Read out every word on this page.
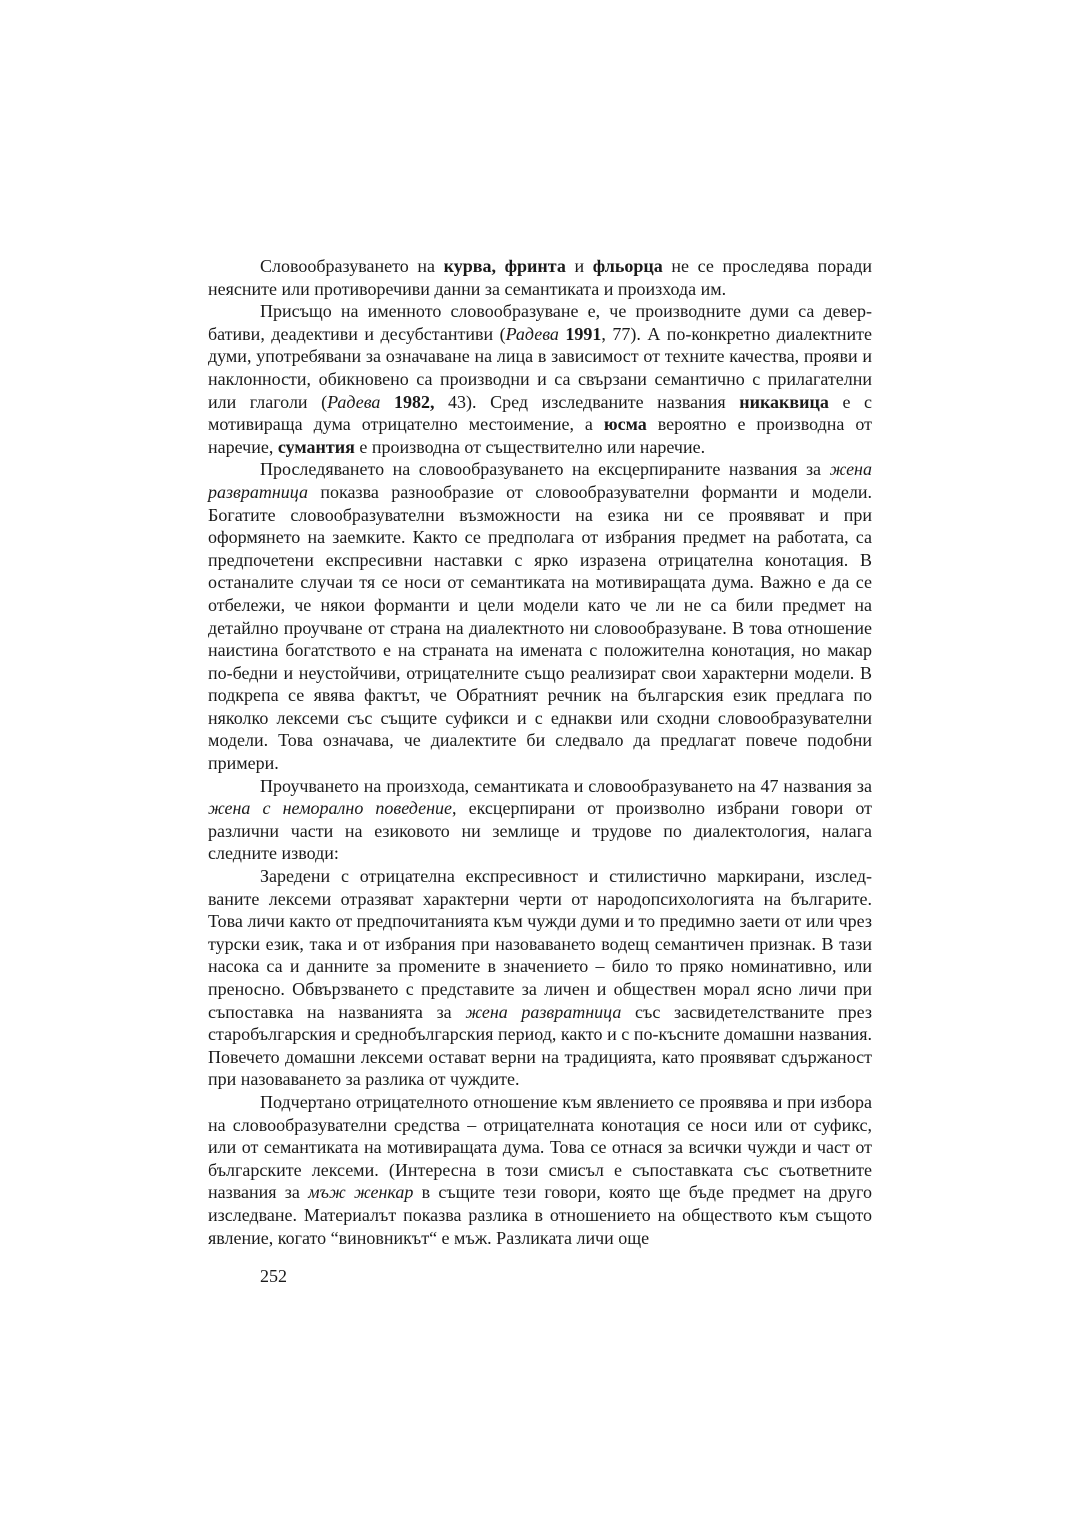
Словообразуването на курва, фринта и фльорца не се проследява поради неясните или противоречиви данни за семантиката и произхода им.

Присъщо на именното словообразуване е, че производните думи са девербативи, деадективи и десубстантиви (Радева 1991, 77). А по-конкретно диалектните думи, употребявани за означаване на лица в зависимост от техните качества, прояви и наклонности, обикновено са производни и са свързани семантично с прилагателни или глаголи (Радева 1982, 43). Сред изследваните названия никаквица е с мотивираща дума отрицателно местоимение, а юсма вероятно е производна от наречие, сумантия е производна от съществително или наречие.

Проследяването на словообразуването на ексцерпираните названия за жена развратница показва разнообразие от словообразувателни форманти и модели. Богатите словообразувателни възможности на езика ни се проявяват и при оформянето на заемките. Както се предполага от избрания предмет на работата, са предпочетени експресивни наставки с ярко изразена отрицателна конотация. В останалите случаи тя се носи от семантиката на мотивиращата дума. Важно е да се отбележи, че някои форманти и цели модели като че ли не са били предмет на детайлно проучване от страна на диалектното ни словообразуване. В това отношение наистина богатството е на страната на имената с положителна конотация, но макар по-бедни и неустойчиви, отрицателните също реализират свои характерни модели. В подкрепа се явява фактът, че Обратният речник на българския език предлага по няколко лексеми със същите суфикси и с еднакви или сходни словообразувателни модели. Това означава, че диалектите би следвало да предлагат повече подобни примери.

Проучването на произхода, семантиката и словообразуването на 47 названия за жена с неморално поведение, ексцерпирани от произволно избрани говори от различни части на езиковото ни землище и трудове по диалектология, налага следните изводи:

Заредени с отрицателна експресивност и стилистично маркирани, изследваните лексеми отразяват характерни черти от народопсихологията на българите. Това личи както от предпочитанията към чужди думи и то предимно заети от или чрез турски език, така и от избрания при назоваването водещ семантичен признак. В тази насока са и данните за промените в значението – било то пряко номинативно, или преносно. Обвързването с представите за личен и обществен морал ясно личи при съпоставка на названията за жена развратница със засвидетелстваните през старобългарския и среднобългарския период, както и с по-късните домашни названия. Повечето домашни лексеми остават верни на традицията, като проявяват сдържаност при назоваването за разлика от чуждите.

Подчертано отрицателното отношение към явлението се проявява и при избора на словообразувателни средства – отрицателната конотация се носи или от суфикс, или от семантиката на мотивиращата дума. Това се отнася за всички чужди и част от българските лексеми. (Интересна в този смисъл е съпоставката със съответните названия за мъж женкар в същите тези говори, която ще бъде предмет на друго изследване. Материалът показва разлика в отношението на обществото към същото явление, когато “виновникът“ е мъж. Разликата личи още

252
